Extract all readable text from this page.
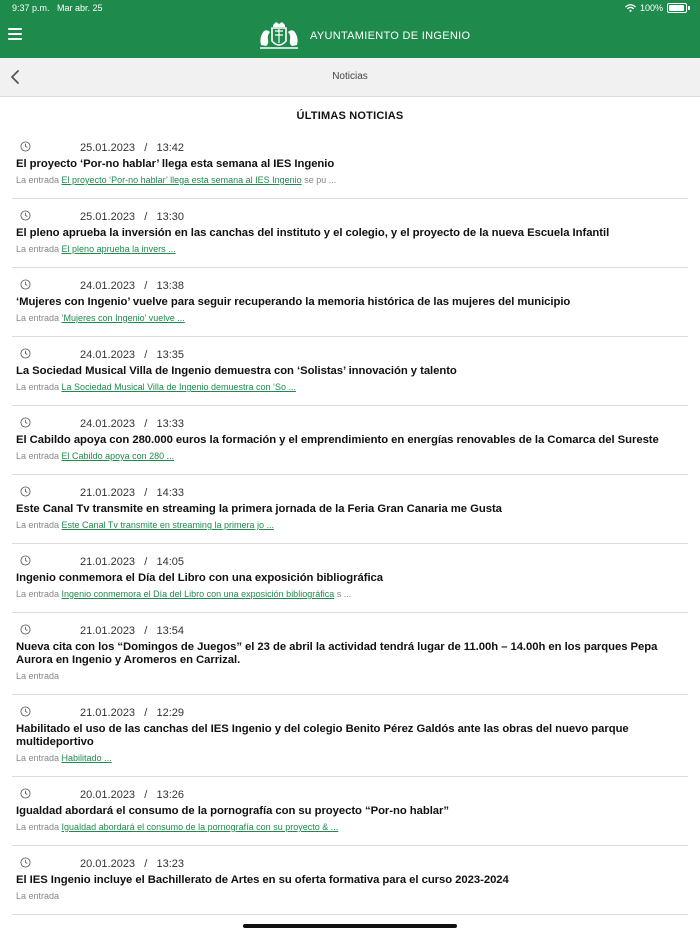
9:37 p.m. Mar abr. 25	100%
AYUNTAMIENTO DE INGENIO
Noticias
ÚLTIMAS NOTICIAS
25.01.2023   /   13:42
El proyecto ‘Por-no hablar’ llega esta semana al IES Ingenio
La entrada El proyecto ‘Por-no hablar’ llega esta semana al IES Ingenio se pu ...
25.01.2023   /   13:30
El pleno aprueba la inversión en las canchas del instituto y el colegio, y el proyecto de la nueva Escuela Infantil
La entrada El pleno aprueba la invers ...
24.01.2023   /   13:38
‘Mujeres con Ingenio’ vuelve para seguir recuperando la memoria histórica de las mujeres del municipio
La entrada ‘Mujeres con Ingenio’ vuelve ...
24.01.2023   /   13:35
La Sociedad Musical Villa de Ingenio demuestra con ‘Solistas’ innovación y talento
La entrada La Sociedad Musical Villa de Ingenio demuestra con ‘So ...
24.01.2023   /   13:33
El Cabildo apoya con 280.000 euros la formación y el emprendimiento en energías renovables de la Comarca del Sureste
La entrada El Cabildo apoya con 280 ...
21.01.2023   /   14:33
Este Canal Tv transmite en streaming la primera jornada de la Feria Gran Canaria me Gusta
La entrada Este Canal Tv transmite en streaming la primera jo ...
21.01.2023   /   14:05
Ingenio conmemora el Día del Libro con una exposición bibliográfica
La entrada Ingenio conmemora el Día del Libro con una exposición bibliográfica s ...
21.01.2023   /   13:54
Nueva cita con los “Domingos de Juegos” el 23 de abril la actividad tendrá lugar de 11.00h – 14.00h en los parques Pepa Aurora en Ingenio y Aromeros en Carrizal.
La entrada
21.01.2023   /   12:29
Habilitado el uso de las canchas del IES Ingenio y del colegio Benito Pérez Galdós ante las obras del nuevo parque multideportivo
La entrada Habilitado ...
20.01.2023   /   13:26
Igualdad abordará el consumo de la pornografía con su proyecto “Por-no hablar”
La entrada Igualdad abordará el consumo de la pornografía con su proyecto & ...
20.01.2023   /   13:23
El IES Ingenio incluye el Bachillerato de Artes en su oferta formativa para el curso 2023-2024
La entrada
